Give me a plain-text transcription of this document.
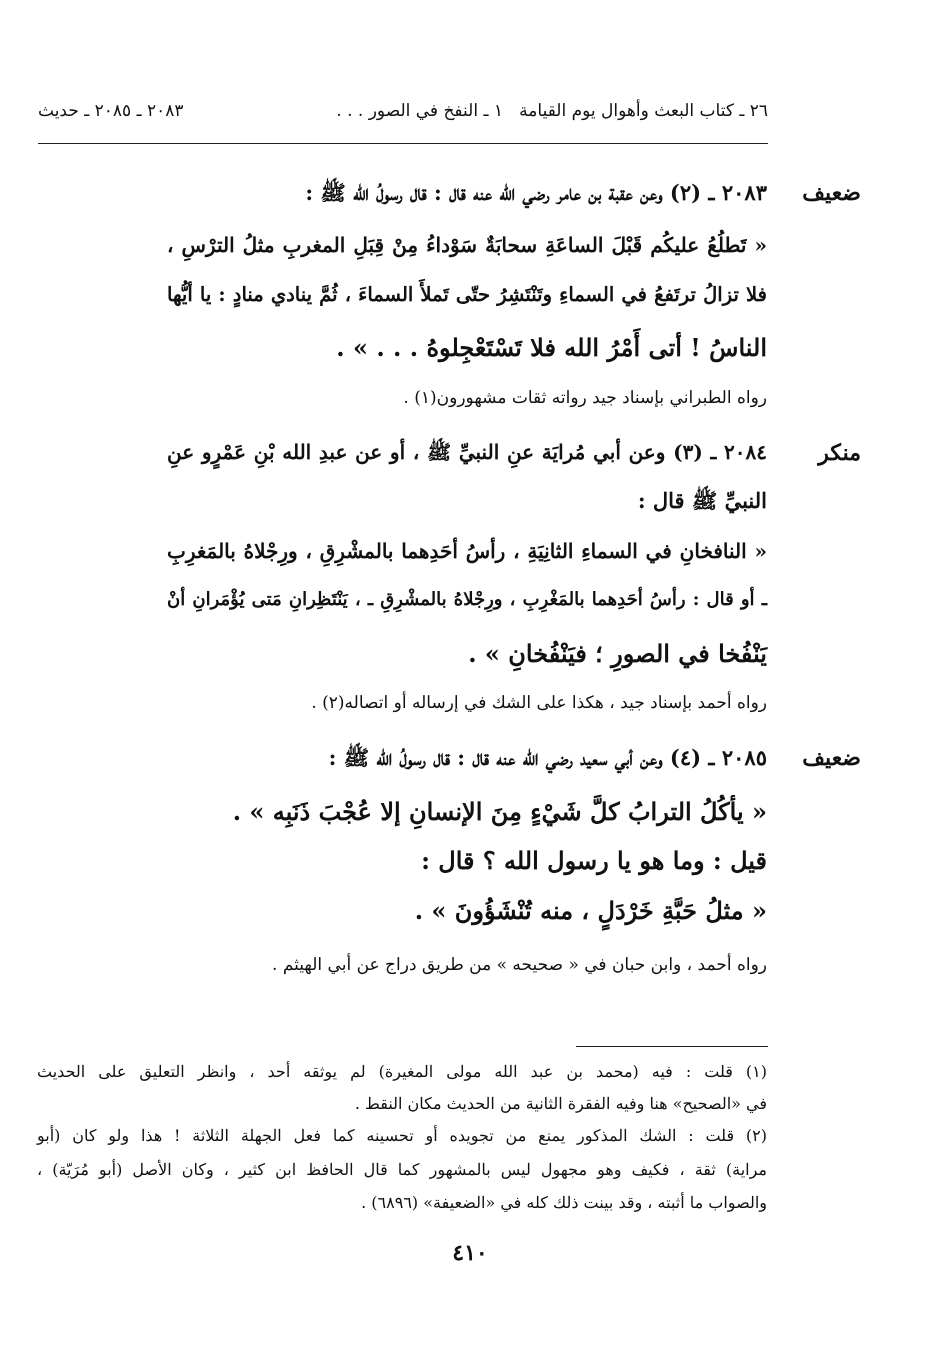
٢٦ ـ كتاب البعث وأهوال يوم القيامة
١ ـ النفخ في الصور . . .
٢٠٨٣ ـ ٢٠٨٥ ـ حديث
ضعيف
٢٠٨٣ ـ (٢) وعن عقبة بن عامر رضي الله عنه قال : قال رسولُ الله ﷺ :
« تَطلُعُ عليكُم قَبْلَ الساعَةِ سحابَةٌ سَوْداءُ مِنْ قِبَلِ المغربِ مثلُ الترْسِ ،
فلا تزالُ ترتَفعُ في السماءِ وتَنْتَشِرُ حتّى تَملأَ السماءَ ، ثُمَّ ينادي منادٍ : يا أيُّها
الناسُ ! أتى أَمْرُ الله فلا تَسْتَعْجِلوهُ . . . » .
رواه الطبراني بإسناد جيد رواته ثقات مشهورون(١) .
منكر
٢٠٨٤ ـ (٣) وعن أبي مُرايَة عنِ النبيِّ ﷺ ، أو عن عبدِ الله بْنِ عَمْرٍو عنِ
النبيِّ ﷺ قال :
« النافخانِ في السماءِ الثانِيَةِ ، رأسُ أحَدِهما بالمشْرِقِ ، ورِجْلاهُ بالمَغرِبِ
ـ أو قال : رأسُ أحَدِهما بالمَغْرِبِ ، ورِجْلاهُ بالمشْرِقِ ـ ، يَنْتَظِرانِ مَتى يُؤْمَرانِ أنْ
يَنْفُخا في الصورِ ؛ فيَنْفُخانِ » .
رواه أحمد بإسناد جيد ، هكذا على الشك في إرساله أو اتصاله(٢) .
ضعيف
٢٠٨٥ ـ (٤) وعن أبي سعيد رضي الله عنه قال : قال رسولُ الله ﷺ :
« يأكُلُ الترابُ كلَّ شَيْءٍ مِنَ الإنسانِ إلا عُجْبَ ذَنَبِه » .
قيل : وما هو يا رسول الله ؟ قال :
« مثلُ حَبَّةِ خَرْدَلٍ ، منه تُنْشَؤُونَ » .
رواه أحمد ، وابن حبان في « صحيحه » من طريق دراج عن أبي الهيثم .
(١) قلت : فيه (محمد بن عبد الله مولى المغيرة) لم يوثقه أحد ، وانظر التعليق على الحديث
في «الصحيح» هنا وفيه الفقرة الثانية من الحديث مكان النقط .
(٢) قلت : الشك المذكور يمنع من تجويده أو تحسينه كما فعل الجهلة الثلاثة ! هذا ولو كان (أبو
مراية) ثقة ، فكيف وهو مجهول ليس بالمشهور كما قال الحافظ ابن كثير ، وكان الأصل (أبو مُرَيّة) ،
والصواب ما أثبته ، وقد بينت ذلك كله في «الضعيفة» (٦٨٩٦) .
٤١٠
